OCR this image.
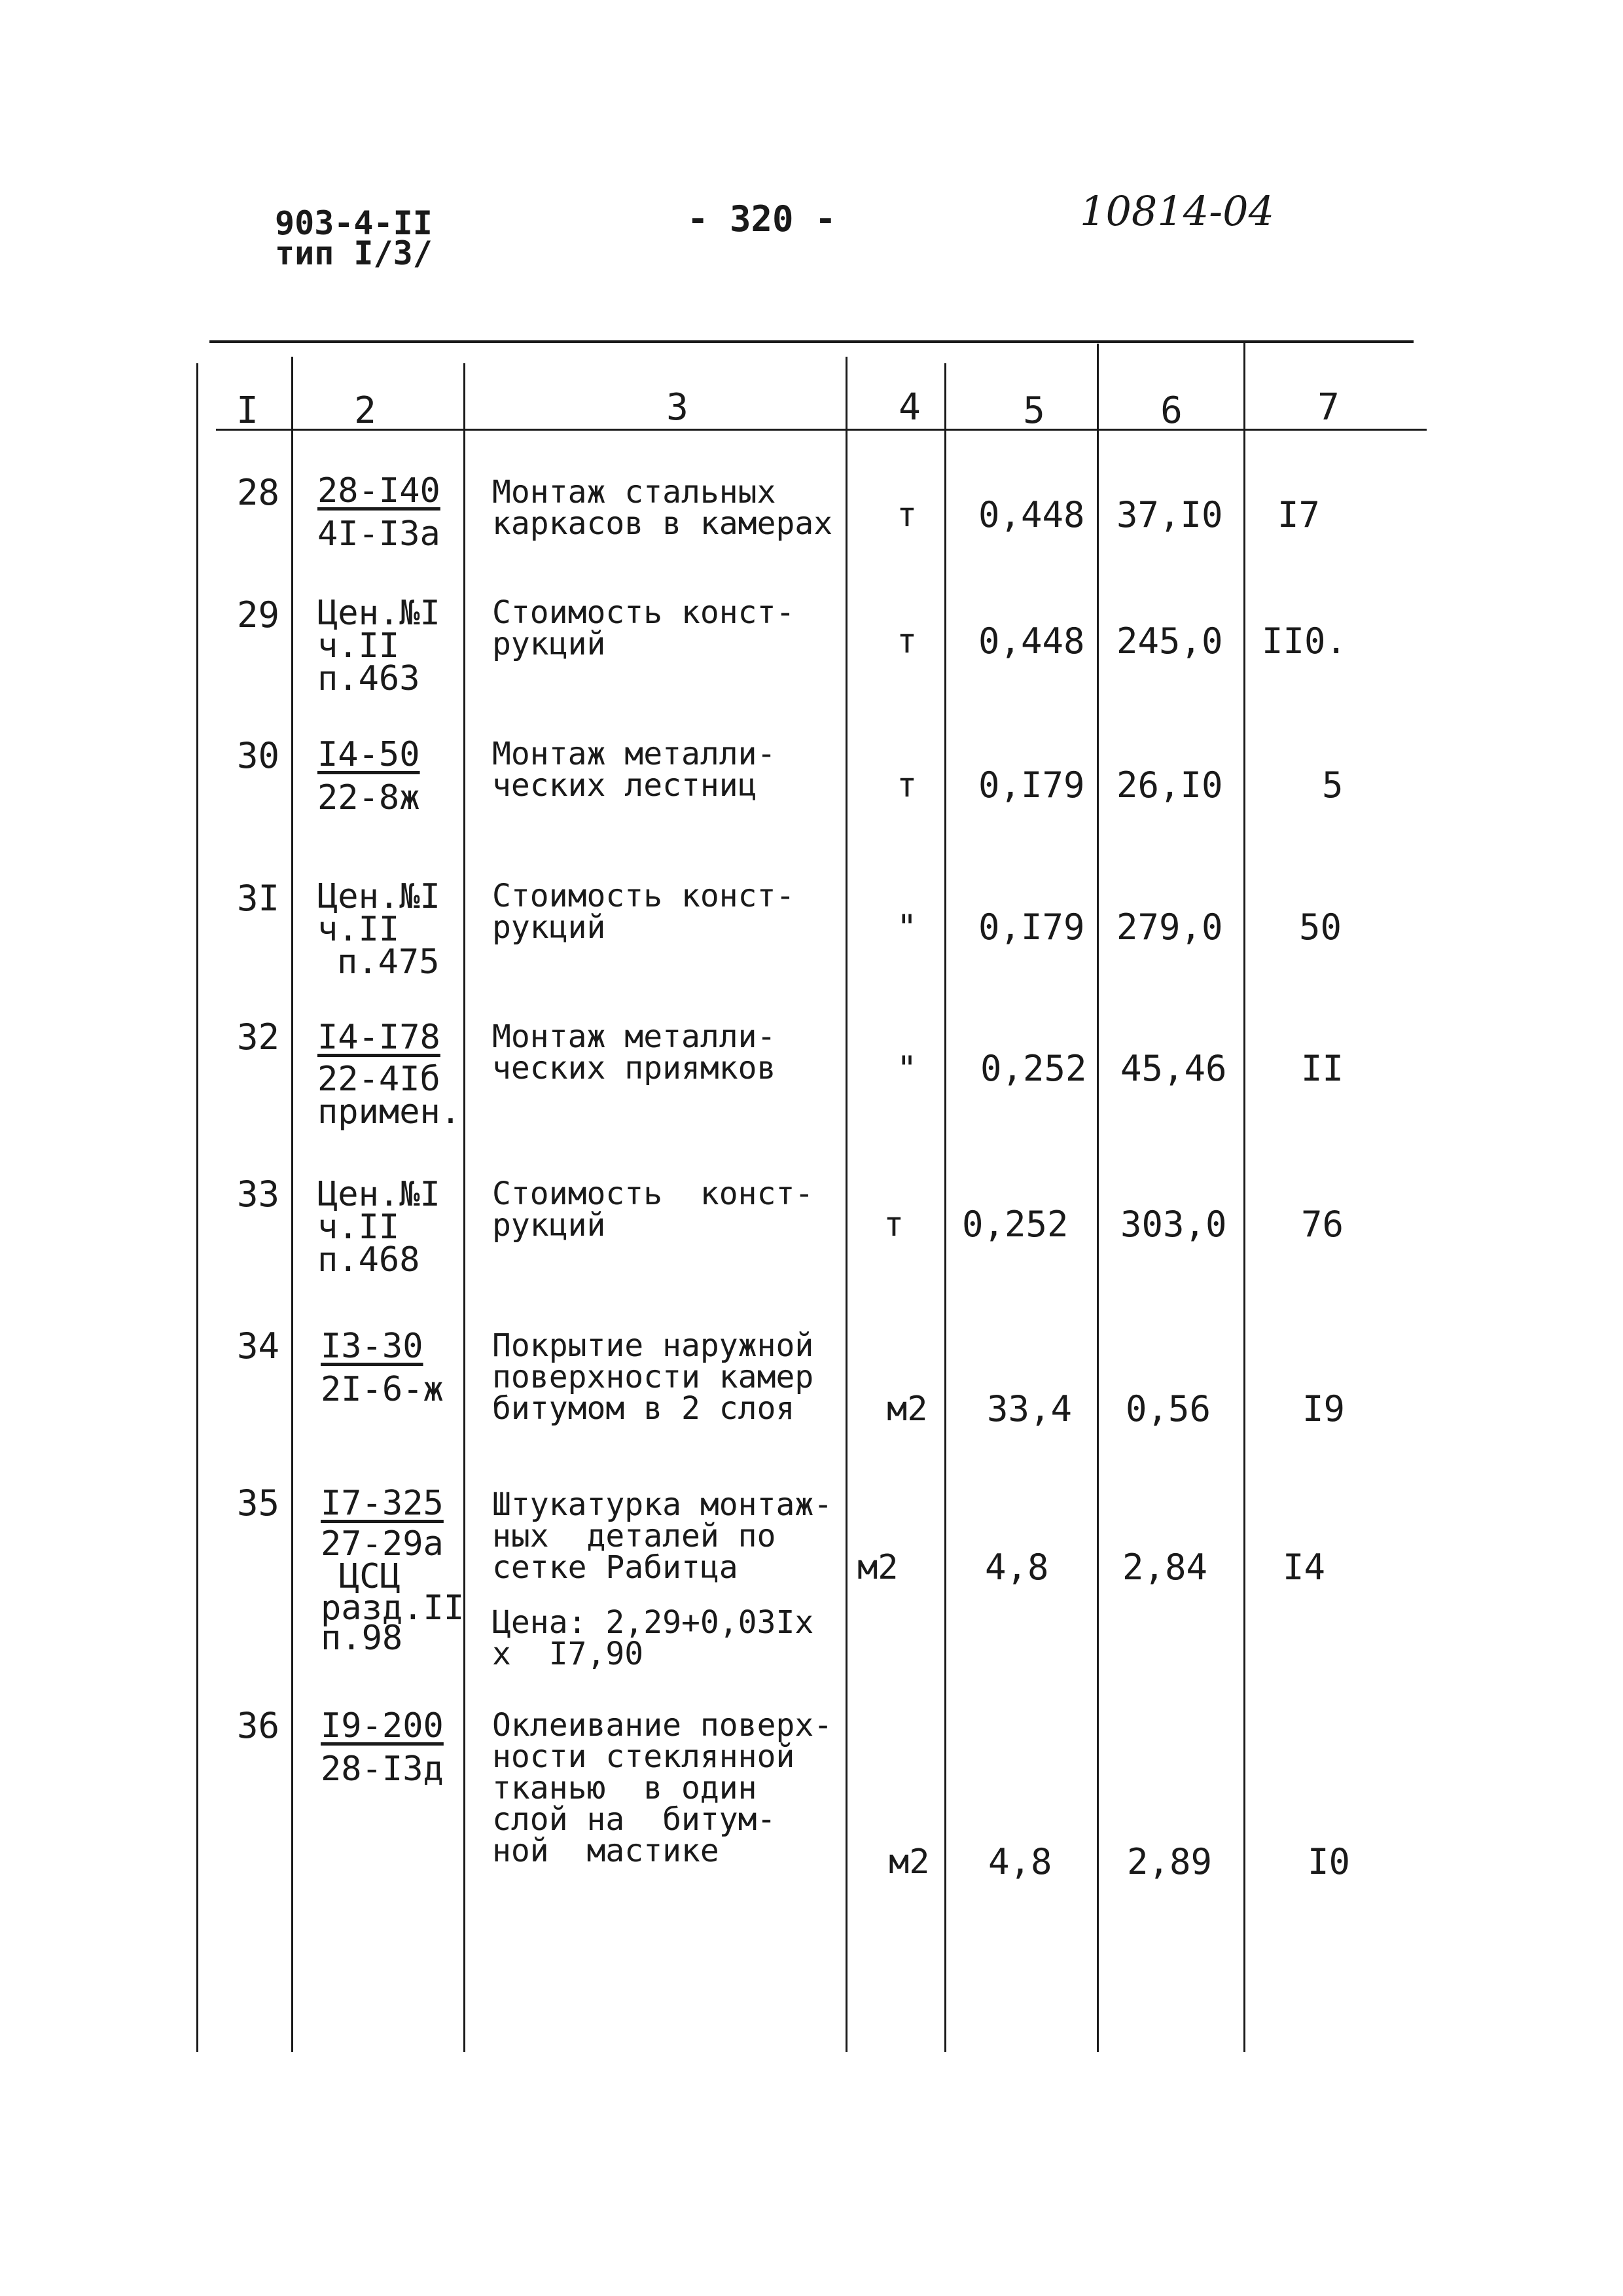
903-4-II
тип I/3/
- 320 -	10814-04
I	2	3	4	5	6	7
28 28-I40
4I-I3a
Монтаж стальных
каркасов в камерах т 0,448 37,I0 I7
29 Цен.№I
ч.II
п.463
Стоимость конст-
рукций	т 0,448 245,0 II0.
30 I4-50
22-8ж
Монтаж металли-
ческих лестниц	т 0,I79 26,I0	5
3I Цен.№I
ч.II
п.475
Стоимость конст-
рукций	" 0,I79 279,0 50
32 I4-I78
22-4Iб
примен.
Монтаж металли-
ческих приямков	" 0,252 45,46 II
33 Цен.№I
ч.II
п.468
Стоимость  конст-
рукций	т 0,252 303,0 76
34 I3-30
2I-6-ж
Покрытие наружной
поверхности камер
битумом в 2 слоя	м2 33,4 0,56	I9
35 I7-325
27-29а
ЦСЦ
разд.II
п.98
Штукатурка монтаж-
ных  деталей по
сетке Рабитца
Цена: 2,29+0,03Iх
х  I7,90
м2 4,8 2,84 I4
36 I9-200
28-I3д
Оклеивание поверх-
ности стеклянной
тканью  в один
слой на  битум-
ной  мастике	м2 4,8 2,89	I0
